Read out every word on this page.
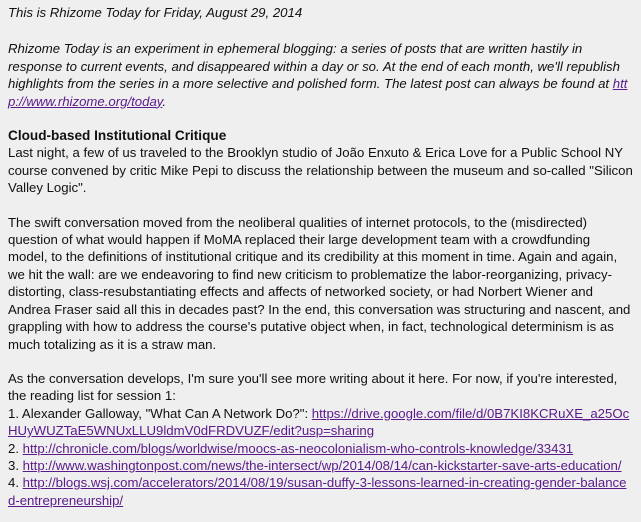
This is Rhizome Today for Friday, August 29, 2014

Rhizome Today is an experiment in ephemeral blogging: a series of posts that are written hastily in response to current events, and disappeared within a day or so. At the end of each month, we'll republish highlights from the series in a more selective and polished form. The latest post can always be found at http://www.rhizome.org/today.

Cloud-based Institutional Critique

Last night, a few of us traveled to the Brooklyn studio of João Enxuto & Erica Love for a Public School NY course convened by critic Mike Pepi to discuss the relationship between the museum and so-called "Silicon Valley Logic".

The swift conversation moved from the neoliberal qualities of internet protocols, to the (misdirected) question of what would happen if MoMA replaced their large development team with a crowdfunding model, to the definitions of institutional critique and its credibility at this moment in time. Again and again, we hit the wall: are we endeavoring to find new criticism to problematize the labor-reorganizing, privacy-distorting, class-resubstantiating effects and affects of networked society, or had Norbert Wiener and Andrea Fraser said all this in decades past? In the end, this conversation was structuring and nascent, and grappling with how to address the course's putative object when, in fact, technological determinism is as much totalizing as it is a straw man.

As the conversation develops, I'm sure you'll see more writing about it here. For now, if you're interested, the reading list for session 1:

1. Alexander Galloway, "What Can A Network Do?": https://drive.google.com/file/d/0B7KI8KCRuXE_a25OcHUyWUZTaE5WNUxLLU9ldmV0dFRDVUZF/edit?usp=sharing

2. http://chronicle.com/blogs/worldwise/moocs-as-neocolonialism-who-controls-knowledge/33431

3. http://www.washingtonpost.com/news/the-intersect/wp/2014/08/14/can-kickstarter-save-arts-education/

4. http://blogs.wsj.com/accelerators/2014/08/19/susan-duffy-3-lessons-learned-in-creating-gender-balanced-entrepreneurship/
